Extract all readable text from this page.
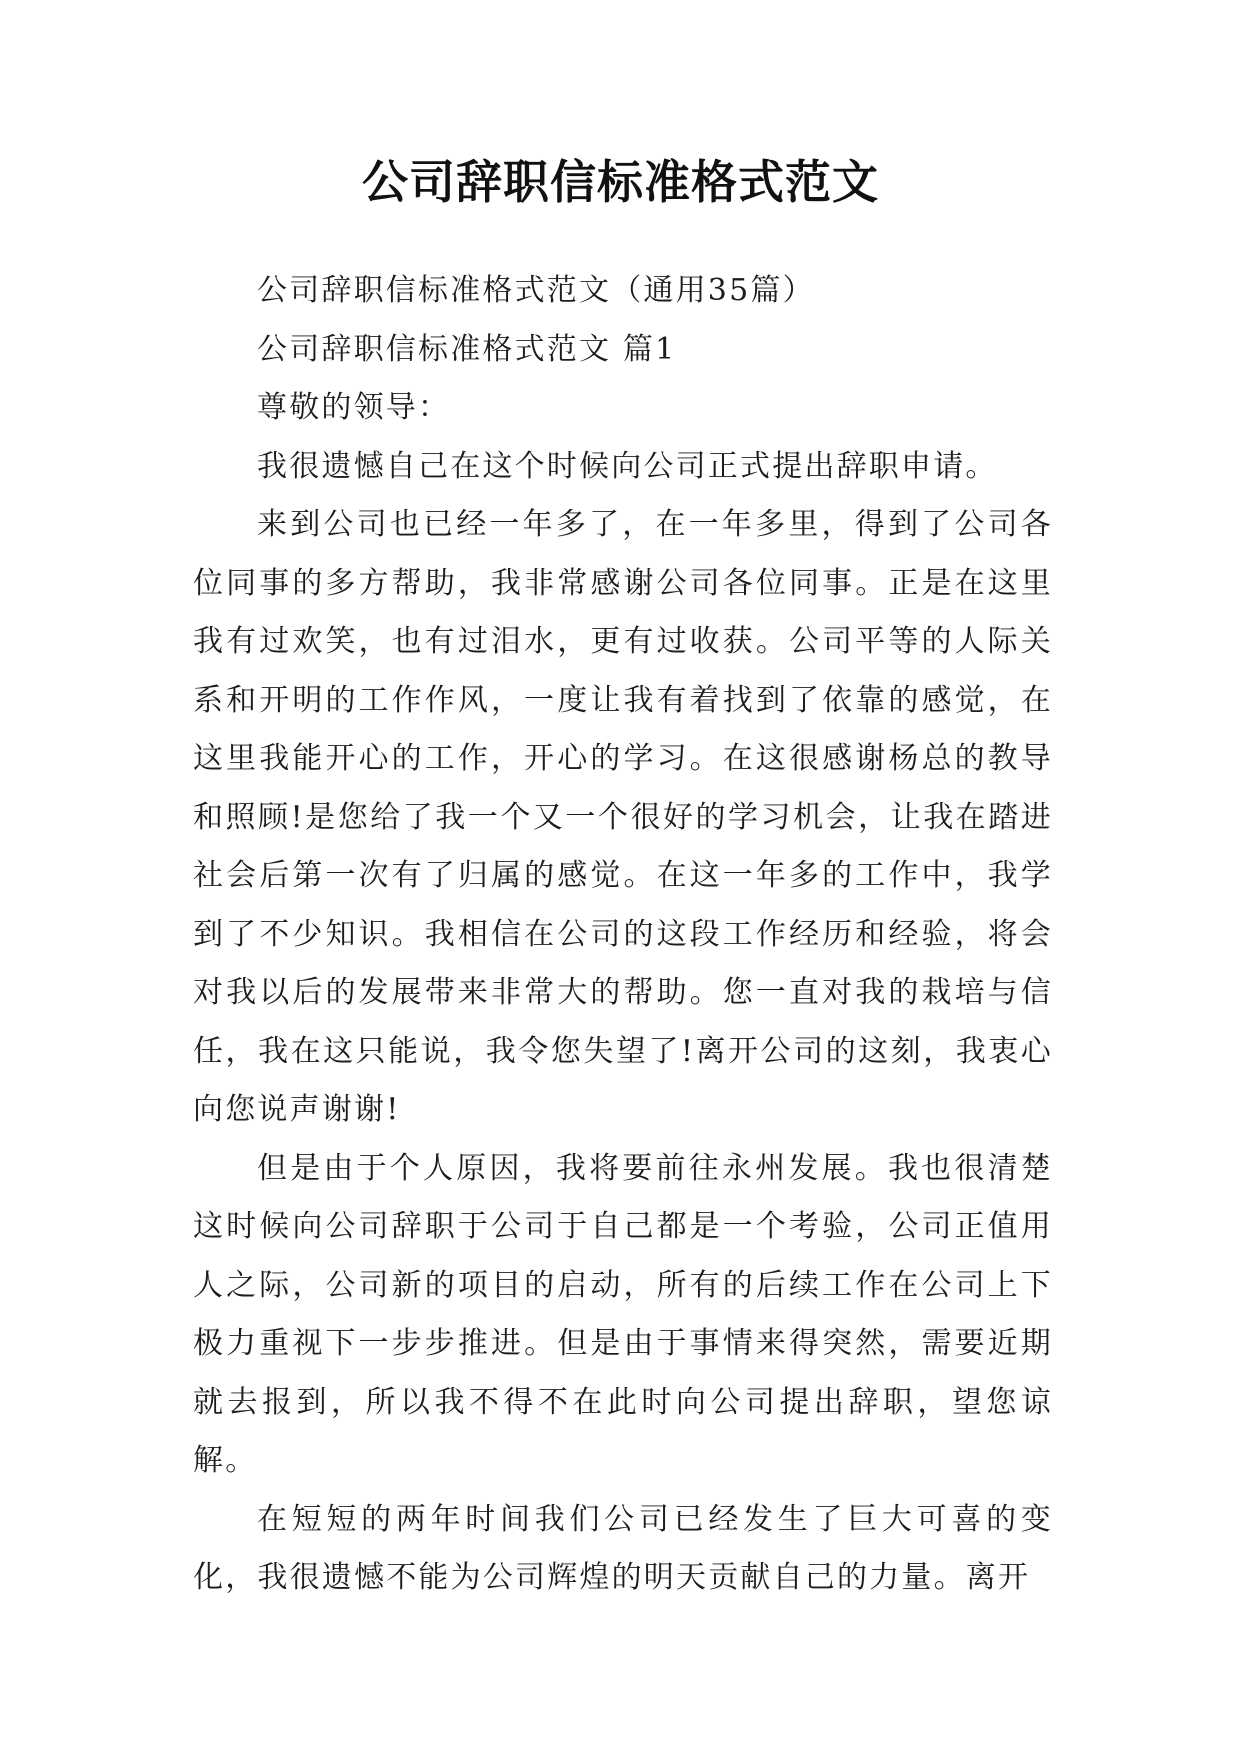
公司辞职信标准格式范文

公司辞职信标准格式范文（通用35篇）

公司辞职信标准格式范文 篇1

尊敬的领导：

我很遗憾自己在这个时候向公司正式提出辞职申请。

来到公司也已经一年多了，在一年多里，得到了公司各位同事的多方帮助，我非常感谢公司各位同事。正是在这里我有过欢笑，也有过泪水，更有过收获。公司平等的人际关系和开明的工作作风，一度让我有着找到了依靠的感觉，在这里我能开心的工作，开心的学习。在这很感谢杨总的教导和照顾!是您给了我一个又一个很好的学习机会，让我在踏进社会后第一次有了归属的感觉。在这一年多的工作中，我学到了不少知识。我相信在公司的这段工作经历和经验，将会对我以后的发展带来非常大的帮助。您一直对我的栽培与信任，我在这只能说，我令您失望了!离开公司的这刻，我衷心向您说声谢谢!

但是由于个人原因，我将要前往永州发展。我也很清楚这时候向公司辞职于公司于自己都是一个考验，公司正值用人之际，公司新的项目的启动，所有的后续工作在公司上下极力重视下一步步推进。但是由于事情来得突然，需要近期就去报到，所以我不得不在此时向公司提出辞职，望您谅解。

在短短的两年时间我们公司已经发生了巨大可喜的变化，我很遗憾不能为公司辉煌的明天贡献自己的力量。离开
